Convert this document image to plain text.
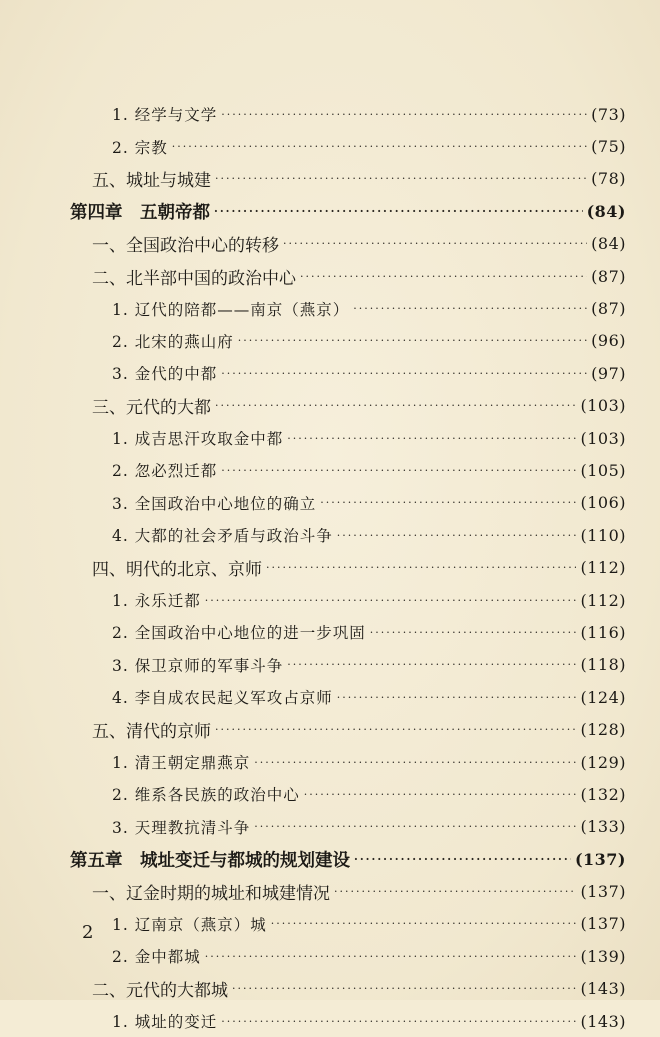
1. 经学与文学 ·····	(73)
2. 宗教 ·····	(75)
五、城址与城建 ·····	(78)
第四章　五朝帝都 ·····	(84)
一、全国政治中心的转移 ·····	(84)
二、北半部中国的政治中心 ·····	(87)
1. 辽代的陪都——南京（燕京） ·····	(87)
2. 北宋的燕山府 ·····	(96)
3. 金代的中都 ·····	(97)
三、元代的大都 ·····	(103)
1. 成吉思汗攻取金中都 ·····	(103)
2. 忽必烈迁都 ·····	(105)
3. 全国政治中心地位的确立 ·····	(106)
4. 大都的社会矛盾与政治斗争 ·····	(110)
四、明代的北京、京师 ·····	(112)
1. 永乐迁都 ·····	(112)
2. 全国政治中心地位的进一步巩固 ·····	(116)
3. 保卫京师的军事斗争 ·····	(118)
4. 李自成农民起义军攻占京师 ·····	(124)
五、清代的京师 ·····	(128)
1. 清王朝定鼎燕京 ·····	(129)
2. 维系各民族的政治中心 ·····	(132)
3. 天理教抗清斗争 ·····	(133)
第五章　城址变迁与都城的规划建设 ·····	(137)
一、辽金时期的城址和城建情况 ·····	(137)
1. 辽南京（燕京）城 ·····	(137)
2. 金中都城 ·····	(139)
二、元代的大都城 ·····	(143)
1. 城址的变迁 ·····	(143)
2
